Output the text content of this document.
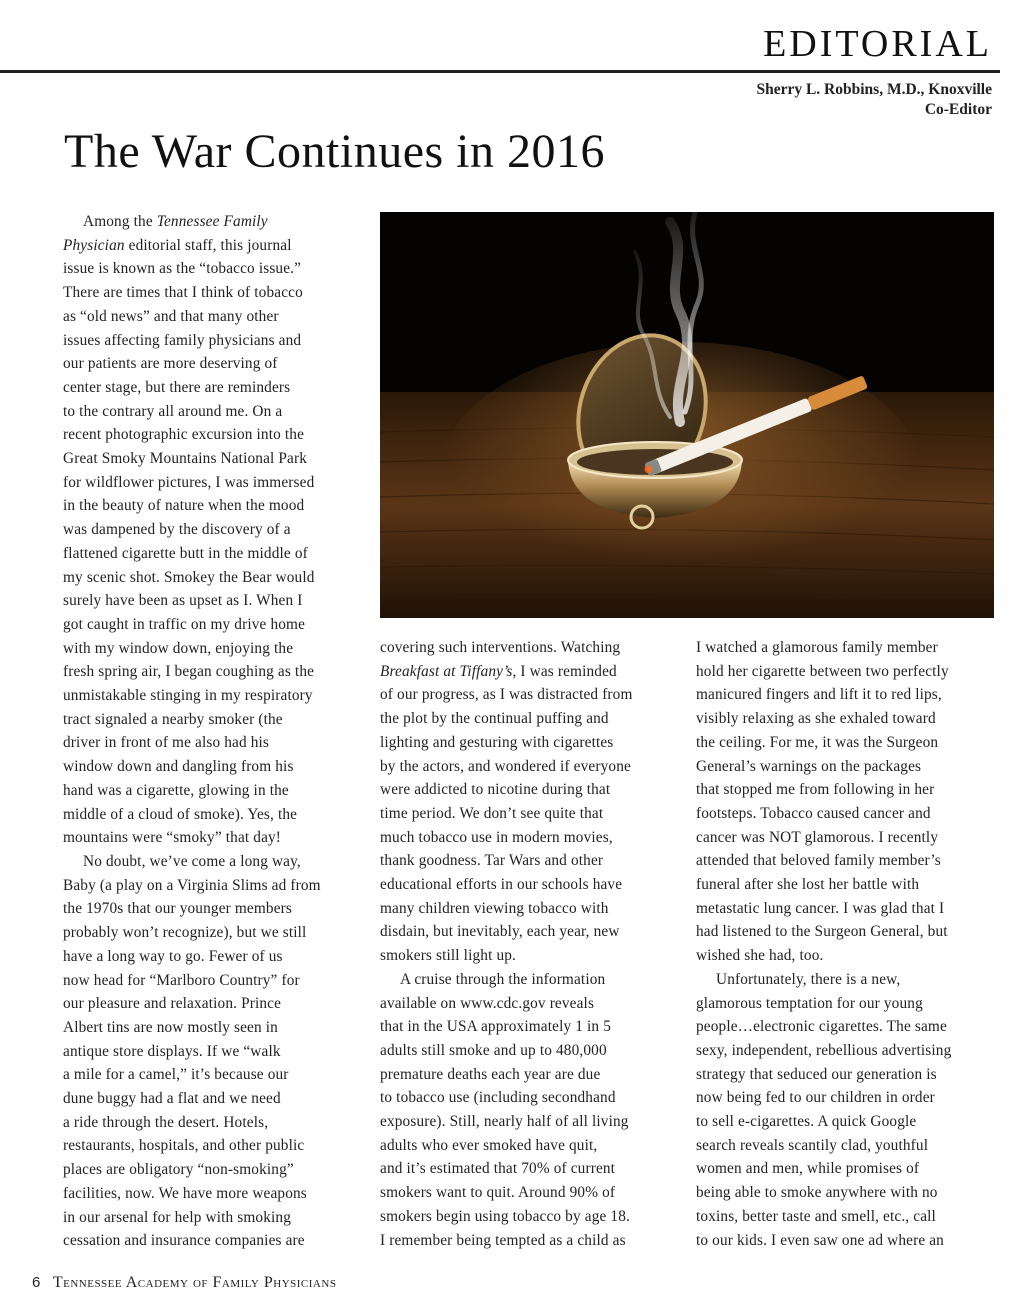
EDITORIAL
Sherry L. Robbins, M.D., Knoxville
Co-Editor
The War Continues in 2016
Among the Tennessee Family
Physician editorial staff, this journal
issue is known as the “tobacco issue.”
There are times that I think of tobacco
as “old news” and that many other
issues affecting family physicians and
our patients are more deserving of
center stage, but there are reminders
to the contrary all around me. On a
recent photographic excursion into the
Great Smoky Mountains National Park
for wildflower pictures, I was immersed
in the beauty of nature when the mood
was dampened by the discovery of a
flattened cigarette butt in the middle of
my scenic shot. Smokey the Bear would
surely have been as upset as I. When I
got caught in traffic on my drive home
with my window down, enjoying the
fresh spring air, I began coughing as the
unmistakable stinging in my respiratory
tract signaled a nearby smoker (the
driver in front of me also had his
window down and dangling from his
hand was a cigarette, glowing in the
middle of a cloud of smoke). Yes, the
mountains were “smoky” that day!
No doubt, we’ve come a long way,
Baby (a play on a Virginia Slims ad from
the 1970s that our younger members
probably won’t recognize), but we still
have a long way to go. Fewer of us
now head for “Marlboro Country” for
our pleasure and relaxation. Prince
Albert tins are now mostly seen in
antique store displays. If we “walk
a mile for a camel,” it’s because our
dune buggy had a flat and we need
a ride through the desert. Hotels,
restaurants, hospitals, and other public
places are obligatory “non-smoking”
facilities, now. We have more weapons
in our arsenal for help with smoking
cessation and insurance companies are
covering such interventions. Watching
Breakfast at Tiffany’s, I was reminded
of our progress, as I was distracted from
the plot by the continual puffing and
lighting and gesturing with cigarettes
by the actors, and wondered if everyone
were addicted to nicotine during that
time period. We don’t see quite that
much tobacco use in modern movies,
thank goodness. Tar Wars and other
educational efforts in our schools have
many children viewing tobacco with
disdain, but inevitably, each year, new
smokers still light up.
A cruise through the information
available on www.cdc.gov reveals
that in the USA approximately 1 in 5
adults still smoke and up to 480,000
premature deaths each year are due
to tobacco use (including secondhand
exposure). Still, nearly half of all living
adults who ever smoked have quit,
and it’s estimated that 70% of current
smokers want to quit. Around 90% of
smokers begin using tobacco by age 18.
I remember being tempted as a child as
I watched a glamorous family member
hold her cigarette between two perfectly
manicured fingers and lift it to red lips,
visibly relaxing as she exhaled toward
the ceiling. For me, it was the Surgeon
General’s warnings on the packages
that stopped me from following in her
footsteps. Tobacco caused cancer and
cancer was NOT glamorous. I recently
attended that beloved family member’s
funeral after she lost her battle with
metastatic lung cancer. I was glad that I
had listened to the Surgeon General, but
wished she had, too.
Unfortunately, there is a new,
glamorous temptation for our young
people…electronic cigarettes. The same
sexy, independent, rebellious advertising
strategy that seduced our generation is
now being fed to our children in order
to sell e-cigarettes. A quick Google
search reveals scantily clad, youthful
women and men, while promises of
being able to smoke anywhere with no
toxins, better taste and smell, etc., call
to our kids. I even saw one ad where an
6 Tennessee Academy of Family Physicians
